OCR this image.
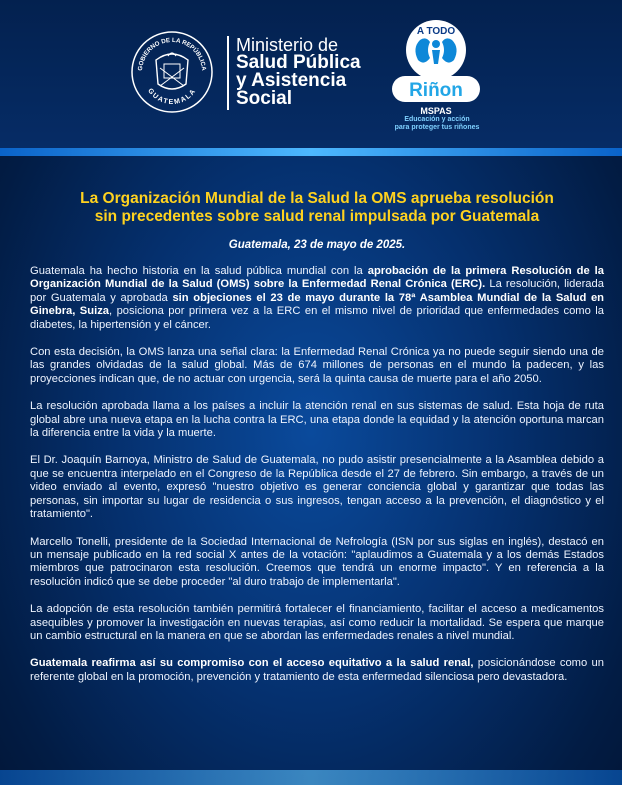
GOBIERNO DE LA REPÚBLICA
GUATEMALA
Ministerio de
Salud Pública
y Asistencia
Social
A TODO
Riñon
MSPAS
Educación y acción
para proteger tus riñones
La Organización Mundial de la Salud la OMS aprueba resolución
sin precedentes sobre salud renal impulsada por Guatemala
Guatemala, 23 de mayo de 2025.

Guatemala ha hecho historia en la salud pública mundial con la aprobación de la primera Resolución de la Organización Mundial de la Salud (OMS) sobre la Enfermedad Renal Crónica (ERC). La resolución, liderada por Guatemala y aprobada sin objeciones el 23 de mayo durante la 78ª Asamblea Mundial de la Salud en Ginebra, Suiza, posiciona por primera vez a la ERC en el mismo nivel de prioridad que enfermedades como la diabetes, la hipertensión y el cáncer.

Con esta decisión, la OMS lanza una señal clara: la Enfermedad Renal Crónica ya no puede seguir siendo una de las grandes olvidadas de la salud global. Más de 674 millones de personas en el mundo la padecen, y las proyecciones indican que, de no actuar con urgencia, será la quinta causa de muerte para el año 2050.

La resolución aprobada llama a los países a incluir la atención renal en sus sistemas de salud. Esta hoja de ruta global abre una nueva etapa en la lucha contra la ERC, una etapa donde la equidad y la atención oportuna marcan la diferencia entre la vida y la muerte.

El Dr. Joaquín Barnoya, Ministro de Salud de Guatemala, no pudo asistir presencialmente a la Asamblea debido a que se encuentra interpelado en el Congreso de la República desde el 27 de febrero. Sin embargo, a través de un video enviado al evento, expresó "nuestro objetivo es generar conciencia global y garantizar que todas las personas, sin importar su lugar de residencia o sus ingresos, tengan acceso a la prevención, el diagnóstico y el tratamiento".

Marcello Tonelli, presidente de la Sociedad Internacional de Nefrología (ISN por sus siglas en inglés), destacó en un mensaje publicado en la red social X antes de la votación: "aplaudimos a Guatemala y a los demás Estados miembros que patrocinaron esta resolución. Creemos que tendrá un enorme impacto". Y en referencia a la resolución indicó que se debe proceder "al duro trabajo de implementarla".

La adopción de esta resolución también permitirá fortalecer el financiamiento, facilitar el acceso a medicamentos asequibles y promover la investigación en nuevas terapias, así como reducir la mortalidad. Se espera que marque un cambio estructural en la manera en que se abordan las enfermedades renales a nivel mundial.

Guatemala reafirma así su compromiso con el acceso equitativo a la salud renal, posicionándose como un referente global en la promoción, prevención y tratamiento de esta enfermedad silenciosa pero devastadora.
